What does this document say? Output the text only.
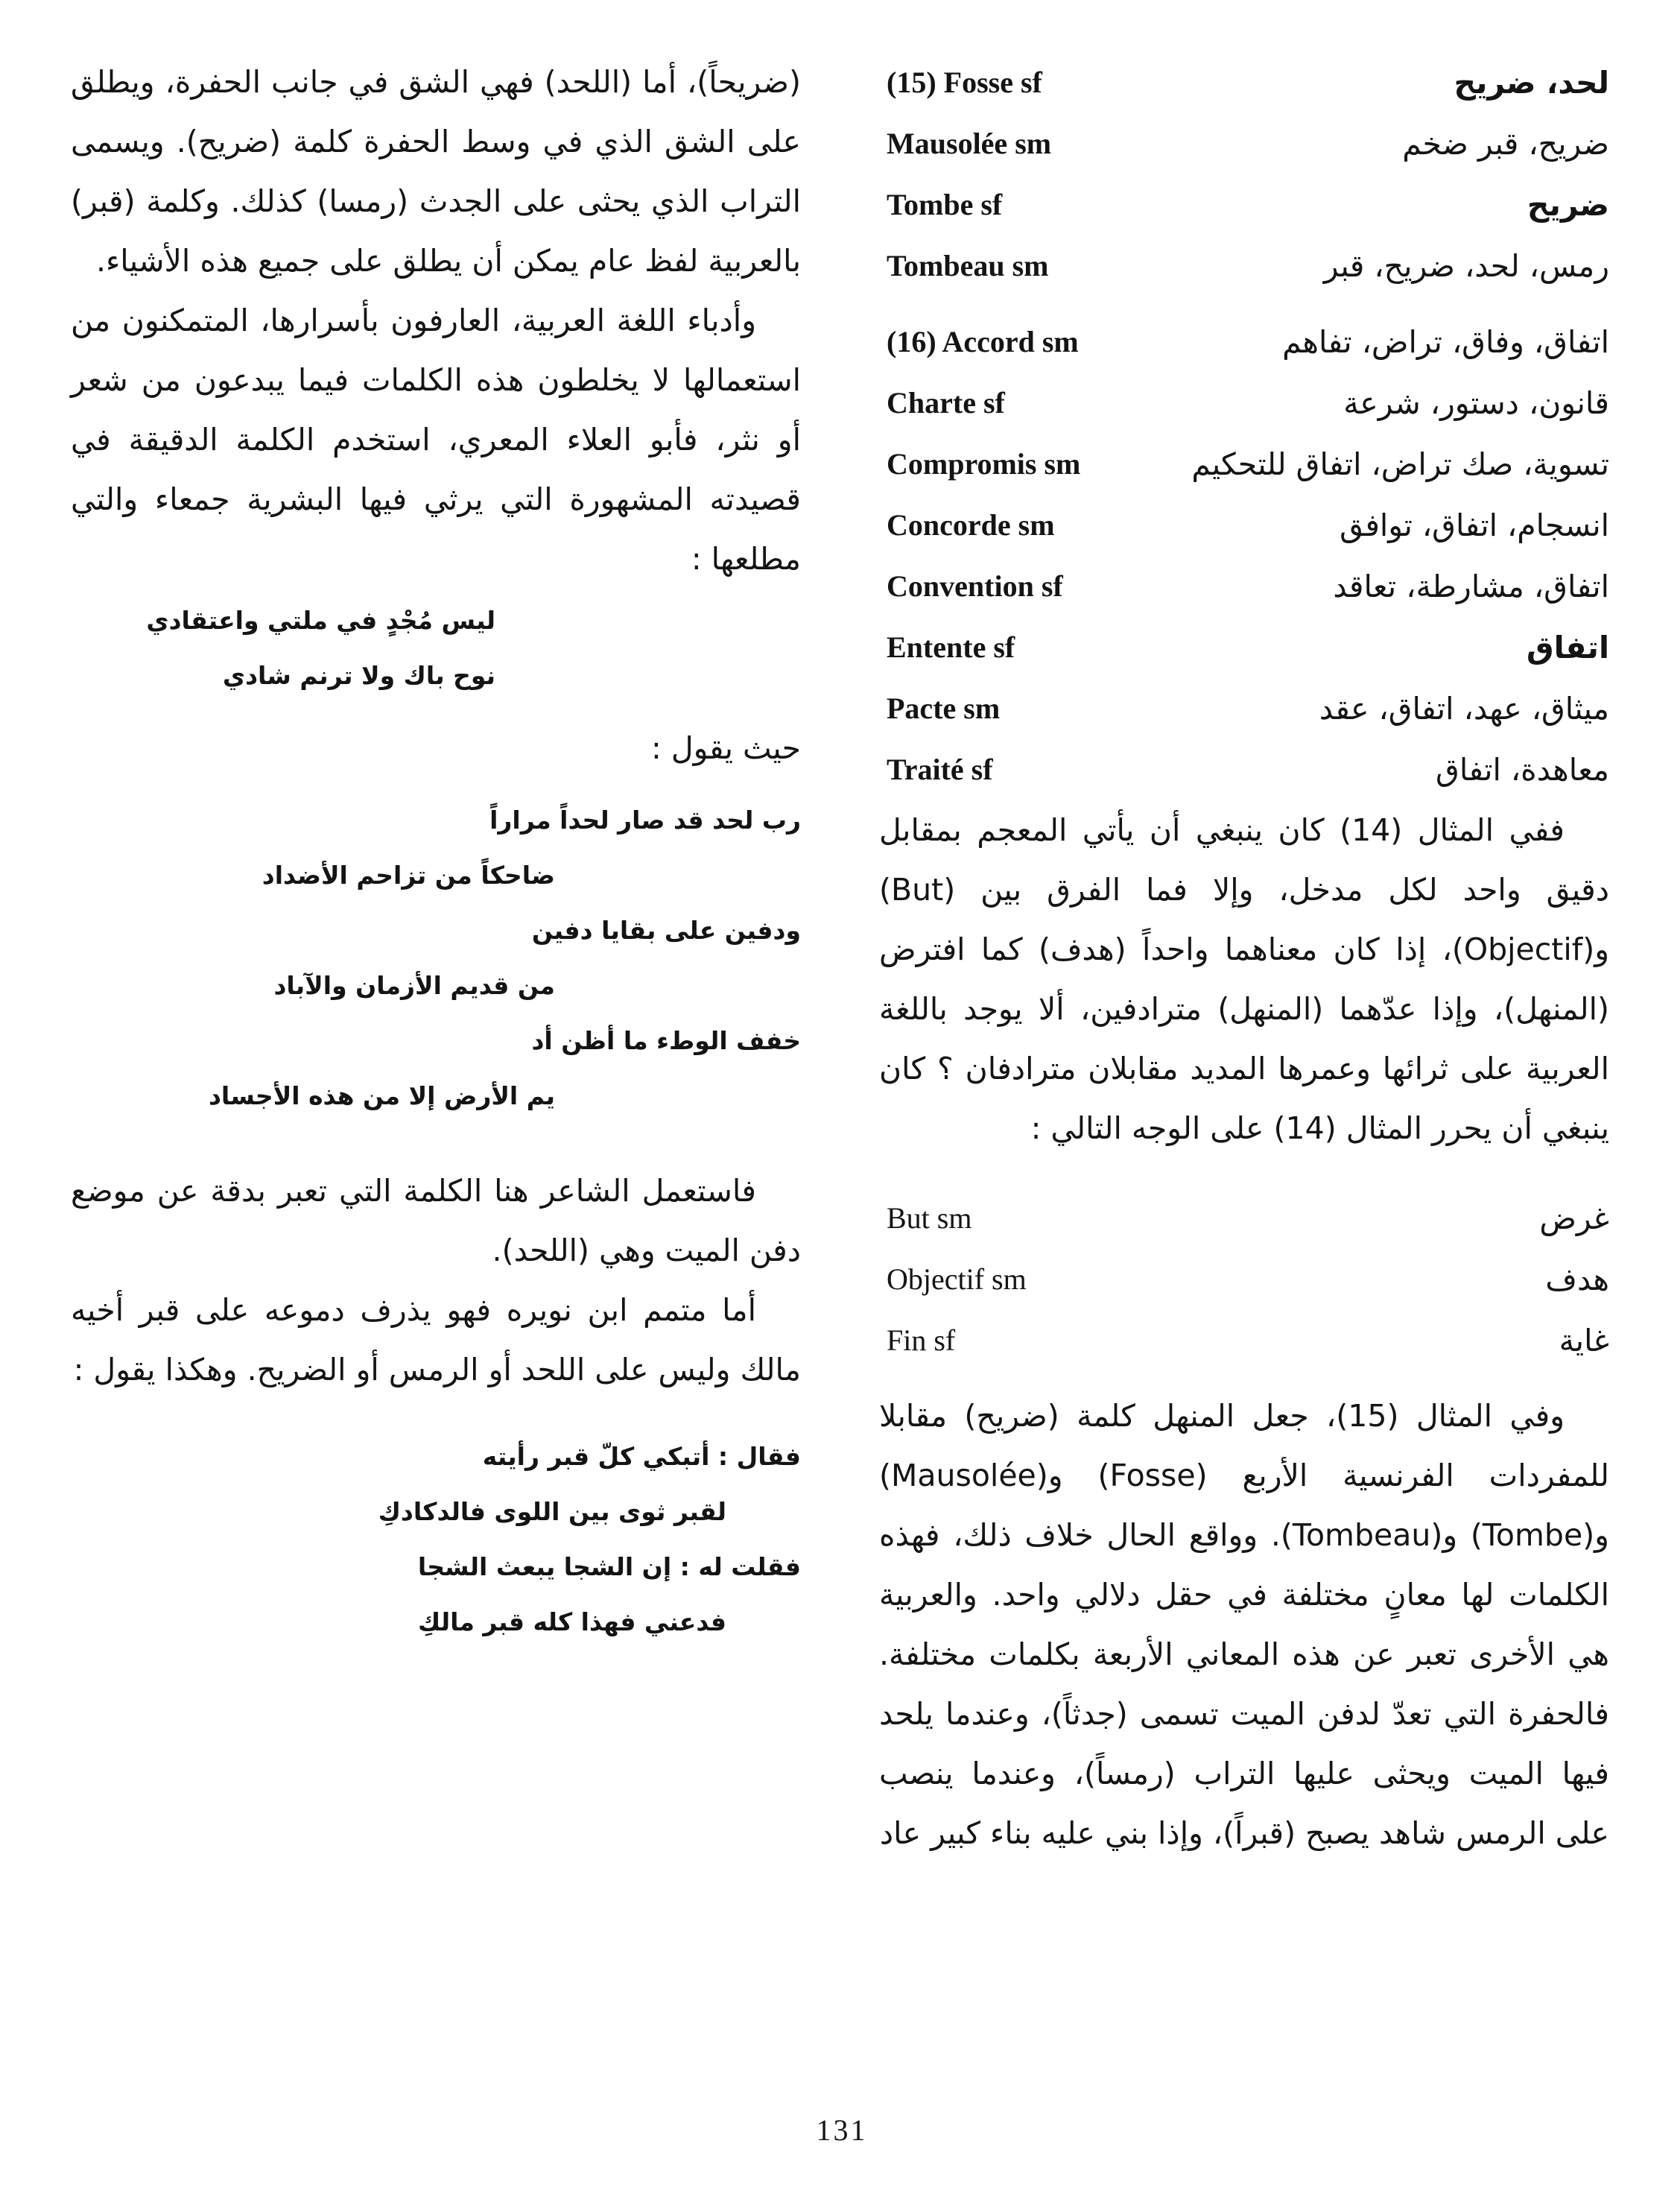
لحد، ضريح
(15) Fosse sf
ضريح، قبر ضخم
Mausolée sm
ضريح
Tombe sf
رمس، لحد، ضريح، قبر
Tombeau sm
اتفاق، وفاق، تراض، تفاهم
(16) Accord sm
قانون، دستور، شرعة
Charte sf
تسوية، صك تراض، اتفاق للتحكيم
Compromis sm
انسجام، اتفاق، توافق
Concorde sm
اتفاق، مشارطة، تعاقد
Convention sf
اتفاق
Entente sf
ميثاق، عهد، اتفاق، عقد
Pacte sm
معاهدة، اتفاق
Traité sf

ففي المثال (14) كان ينبغي أن يأتي المعجم بمقابل دقيق واحد لكل مدخل، وإلا فما الفرق بين (But) و(Objectif)، إذا كان معناهما واحداً (هدف) كما افترض (المنهل)، وإذا عدّهما (المنهل) مترادفين، ألا يوجد باللغة العربية على ثرائها وعمرها المديد مقابلان مترادفان ؟ كان ينبغي أن يحرر المثال (14) على الوجه التالي :

غرض
But sm
هدف
Objectif sm
غاية
Fin sf

وفي المثال (15)، جعل المنهل كلمة (ضريح) مقابلا للمفردات الفرنسية الأربع (Fosse) و(Mausolée) و(Tombe) و(Tombeau). وواقع الحال خلاف ذلك، فهذه الكلمات لها معانٍ مختلفة في حقل دلالي واحد. والعربية هي الأخرى تعبر عن هذه المعاني الأربعة بكلمات مختلفة. فالحفرة التي تعدّ لدفن الميت تسمى (جدثاً)، وعندما يلحد فيها الميت ويحثى عليها التراب (رمساً)، وعندما ينصب على الرمس شاهد يصبح (قبراً)، وإذا بني عليه بناء كبير عاد

(ضريحاً)، أما (اللحد) فهي الشق في جانب الحفرة، ويطلق على الشق الذي في وسط الحفرة كلمة (ضريح). ويسمى التراب الذي يحثى على الجدث (رمسا) كذلك. وكلمة (قبر) بالعربية لفظ عام يمكن أن يطلق على جميع هذه الأشياء.

وأدباء اللغة العربية، العارفون بأسرارها، المتمكنون من استعمالها لا يخلطون هذه الكلمات فيما يبدعون من شعر أو نثر، فأبو العلاء المعري، استخدم الكلمة الدقيقة في قصيدته المشهورة التي يرثي فيها البشرية جمعاء والتي مطلعها :

ليس مُجْدٍ في ملتي واعتقادي
نوح باك ولا ترنم شادي

حيث يقول :

رب لحد قد صار لحداً مراراً
ضاحكاً من تزاحم الأضداد
ودفين على بقايا دفين
من قديم الأزمان والآباد
خفف الوطء ما أظن أد
يم الأرض إلا من هذه الأجساد

فاستعمل الشاعر هنا الكلمة التي تعبر بدقة عن موضع دفن الميت وهي (اللحد).

أما متمم ابن نويره فهو يذرف دموعه على قبر أخيه مالك وليس على اللحد أو الرمس أو الضريح. وهكذا يقول :

فقال : أتبكي كلّ قبر رأيته
لقبر ثوى بين اللوى فالدكادكِ
فقلت له : إن الشجا يبعث الشجا
فدعني فهذا كله قبر مالكِ
131
